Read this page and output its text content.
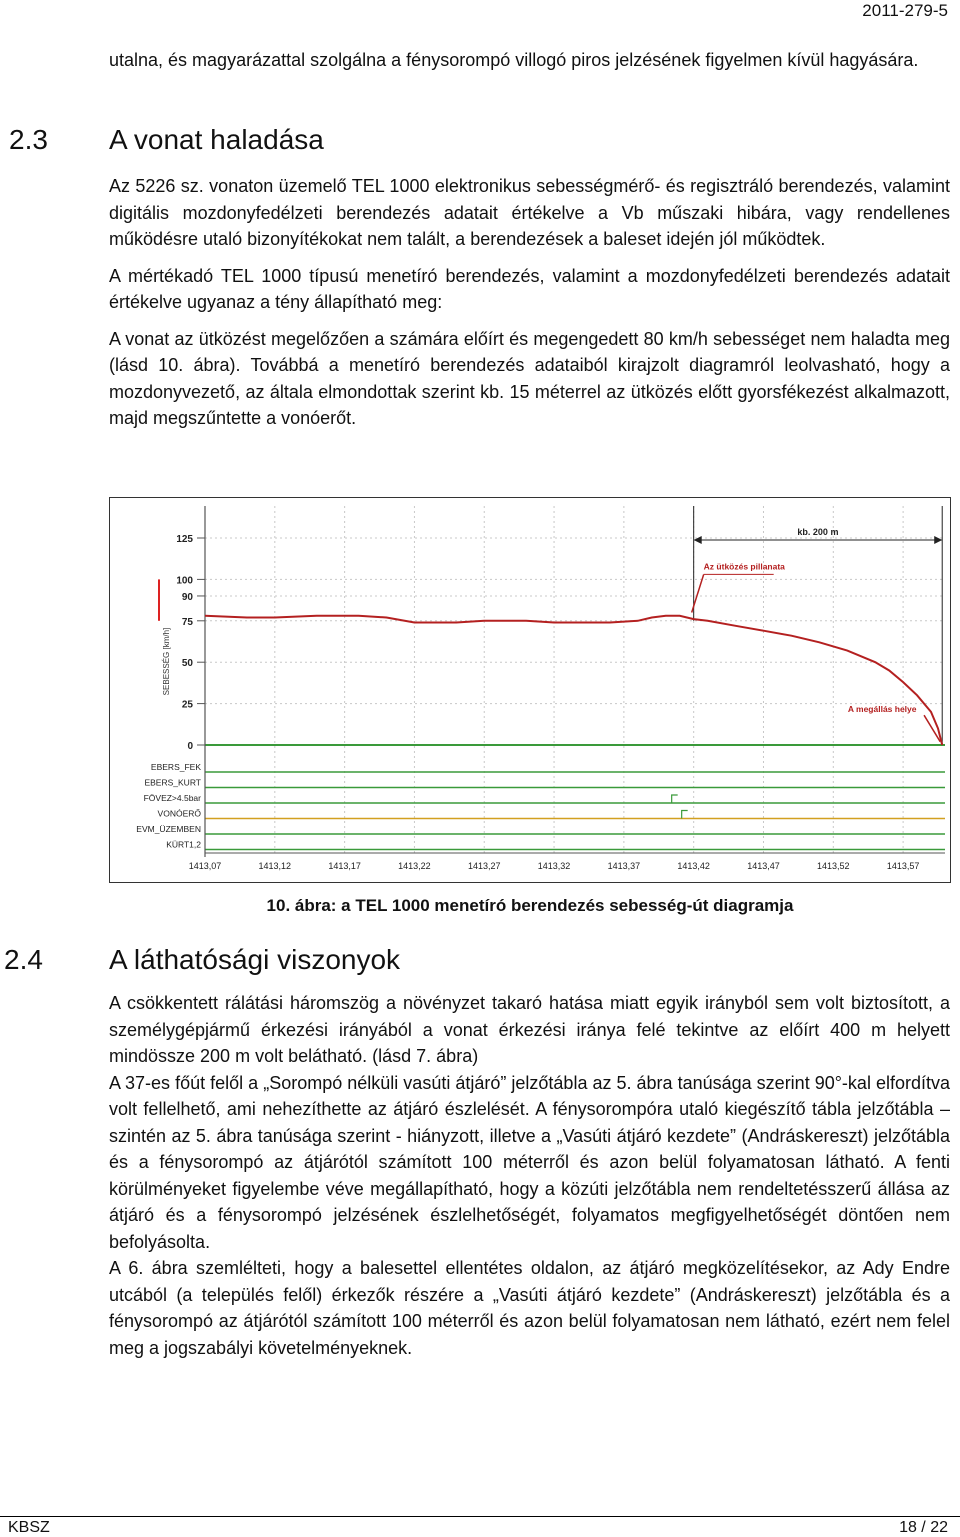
2011-279-5

utalna, és magyarázattal szolgálna a fénysorompó villogó piros jelzésének figyelmen kívül hagyására.

2.3 A vonat haladása

Az 5226 sz. vonaton üzemelő TEL 1000 elektronikus sebességmérő- és regisztráló berendezés, valamint digitális mozdonyfedélzeti berendezés adatait értékelve a Vb műszaki hibára, vagy rendellenes működésre utaló bizonyítékokat nem talált, a berendezések a baleset idején jól működtek.

A mértékadó TEL 1000 típusú menetíró berendezés, valamint a mozdonyfedélzeti berendezés adatait értékelve ugyanaz a tény állapítható meg:

A vonat az ütközést megelőzően a számára előírt és megengedett 80 km/h sebességet nem haladta meg (lásd 10. ábra). Továbbá a menetíró berendezés adataiból kirajzolt diagramról leolvasható, hogy a mozdonyvezető, az általa elmondottak szerint kb. 15 méterrel az ütközés előtt gyorsfékezést alkalmazott, majd megszűntette a vonóerőt.

EBERS_FEK
EBERS_KURT
FÖVEZ>4.5bar
VONÓERŐ
EVM_ÜZEMBEN
KÜRT1,2
0
25
50
75
90
100
125
SEBESSÉG [km/h]
1413,07	1413,12	1413,17	1413,22	1413,27	1413,32	1413,37	1413,42	1413,47	1413,52	1413,57
kb. 200 m
Az ütközés pillanata
A megállás helye
10. ábra: a TEL 1000 menetíró berendezés sebesség-út diagramja
2.4 A láthatósági viszonyok

A csökkentett rálátási háromszög a növényzet takaró hatása miatt egyik irányból sem volt biztosított, a személygépjármű érkezési irányából a vonat érkezési iránya felé tekintve az előírt 400 m helyett mindössze 200 m volt belátható. (lásd 7. ábra)

A 37-es főút felől a „Sorompó nélküli vasúti átjáró” jelzőtábla az 5. ábra tanúsága szerint 90°-kal elfordítva volt fellelhető, ami nehezíthette az átjáró észlelését. A fénysorompóra utaló kiegészítő tábla jelzőtábla – szintén az 5. ábra tanúsága szerint - hiányzott, illetve a „Vasúti átjáró kezdete” (Andráskereszt) jelzőtábla és a fénysorompó az átjárótól számított 100 méterről és azon belül folyamatosan látható. A fenti körülményeket figyelembe véve megállapítható, hogy a közúti jelzőtábla nem rendeltetésszerű állása az átjáró és a fénysorompó jelzésének észlelhetőségét, folyamatos megfigyelhetőségét döntően nem befolyásolta.

A 6. ábra szemlélteti, hogy a balesettel ellentétes oldalon, az átjáró megközelítésekor, az Ady Endre utcából (a település felől) érkezők részére a „Vasúti átjáró kezdete” (Andráskereszt) jelzőtábla és a fénysorompó az átjárótól számított 100 méterről és azon belül folyamatosan nem látható, ezért nem felel meg a jogszabályi követelményeknek.

KBSZ	18 / 22
